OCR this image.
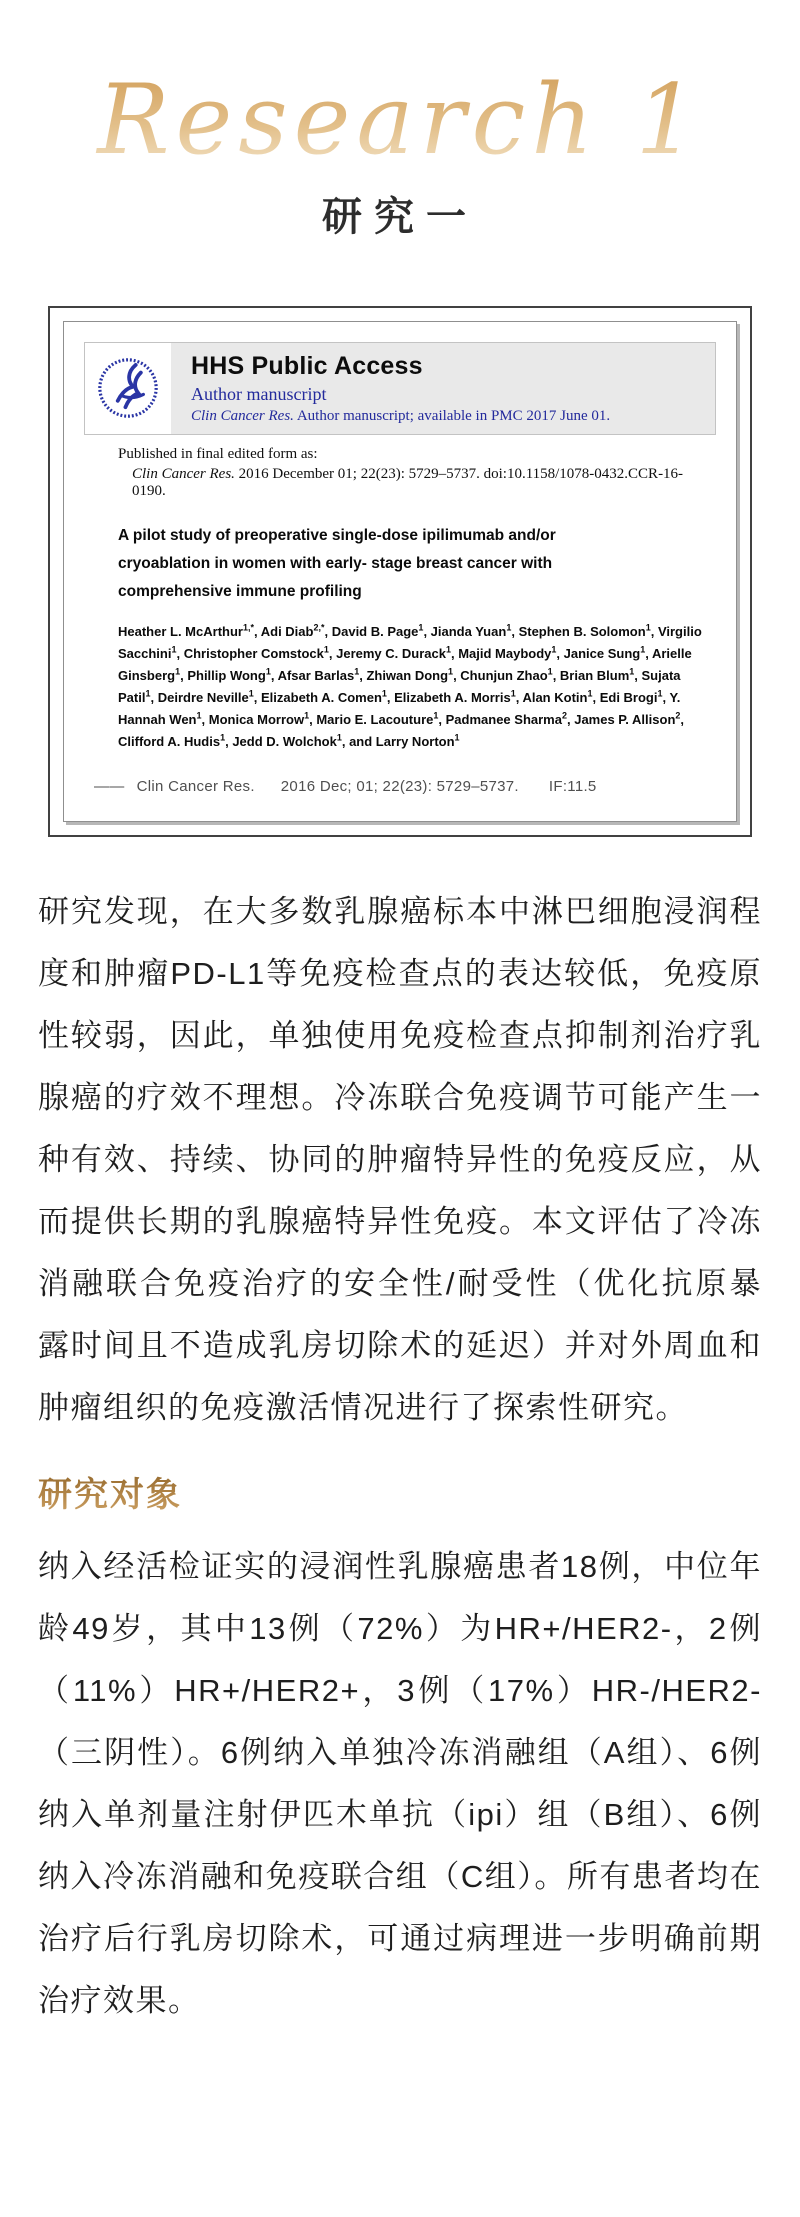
Research 1
研究一
HHS Public Access
Author manuscript
Clin Cancer Res. Author manuscript; available in PMC 2017 June 01.
Published in final edited form as:
Clin Cancer Res. 2016 December 01; 22(23): 5729–5737. doi:10.1158/1078-0432.CCR-16-0190.
A pilot study of preoperative single-dose ipilimumab and/or cryoablation in women with early- stage breast cancer with comprehensive immune profiling

Heather L. McArthur$^{1,*}$, Adi Diab$^{2,*}$, David B. Page$^1$, Jianda Yuan$^1$, Stephen B. Solomon$^1$, Virgilio Sacchini$^1$, Christopher Comstock$^1$, Jeremy C. Durack$^1$, Majid Maybody$^1$, Janice Sung$^1$, Arielle Ginsberg$^1$, Phillip Wong$^1$, Afsar Barlas$^1$, Zhiwan Dong$^1$, Chunjun Zhao$^1$, Brian Blum$^1$, Sujata Patil$^1$, Deirdre Neville$^1$, Elizabeth A. Comen$^1$, Elizabeth A. Morris$^1$, Alan Kotin$^1$, Edi Brogi$^1$, Y. Hannah Wen$^1$, Monica Morrow$^1$, Mario E. Lacouture$^1$, Padmanee Sharma$^2$, James P. Allison$^2$, Clifford A. Hudis$^1$, Jedd D. Wolchok$^1$, and Larry Norton$^1$

—— Clin Cancer Res. 2016 Dec; 01; 22(23): 5729–5737. IF:11.5

研究发现，在大多数乳腺癌标本中淋巴细胞浸润程度和肿瘤PD-L1等免疫检查点的表达较低，免疫原性较弱，因此，单独使用免疫检查点抑制剂治疗乳腺癌的疗效不理想。冷冻联合免疫调节可能产生一种有效、持续、协同的肿瘤特异性的免疫反应，从而提供长期的乳腺癌特异性免疫。本文评估了冷冻消融联合免疫治疗的安全性/耐受性（优化抗原暴露时间且不造成乳房切除术的延迟）并对外周血和肿瘤组织的免疫激活情况进行了探索性研究。

研究对象

纳入经活检证实的浸润性乳腺癌患者18例，中位年龄49岁，其中13例（72%）为HR+/HER2-，2例（11%）HR+/HER2+，3例（17%）HR-/HER2-（三阴性）。6例纳入单独冷冻消融组（A组）、6例纳入单剂量注射伊匹木单抗（ipi）组（B组）、6例纳入冷冻消融和免疫联合组（C组）。所有患者均在治疗后行乳房切除术，可通过病理进一步明确前期治疗效果。
